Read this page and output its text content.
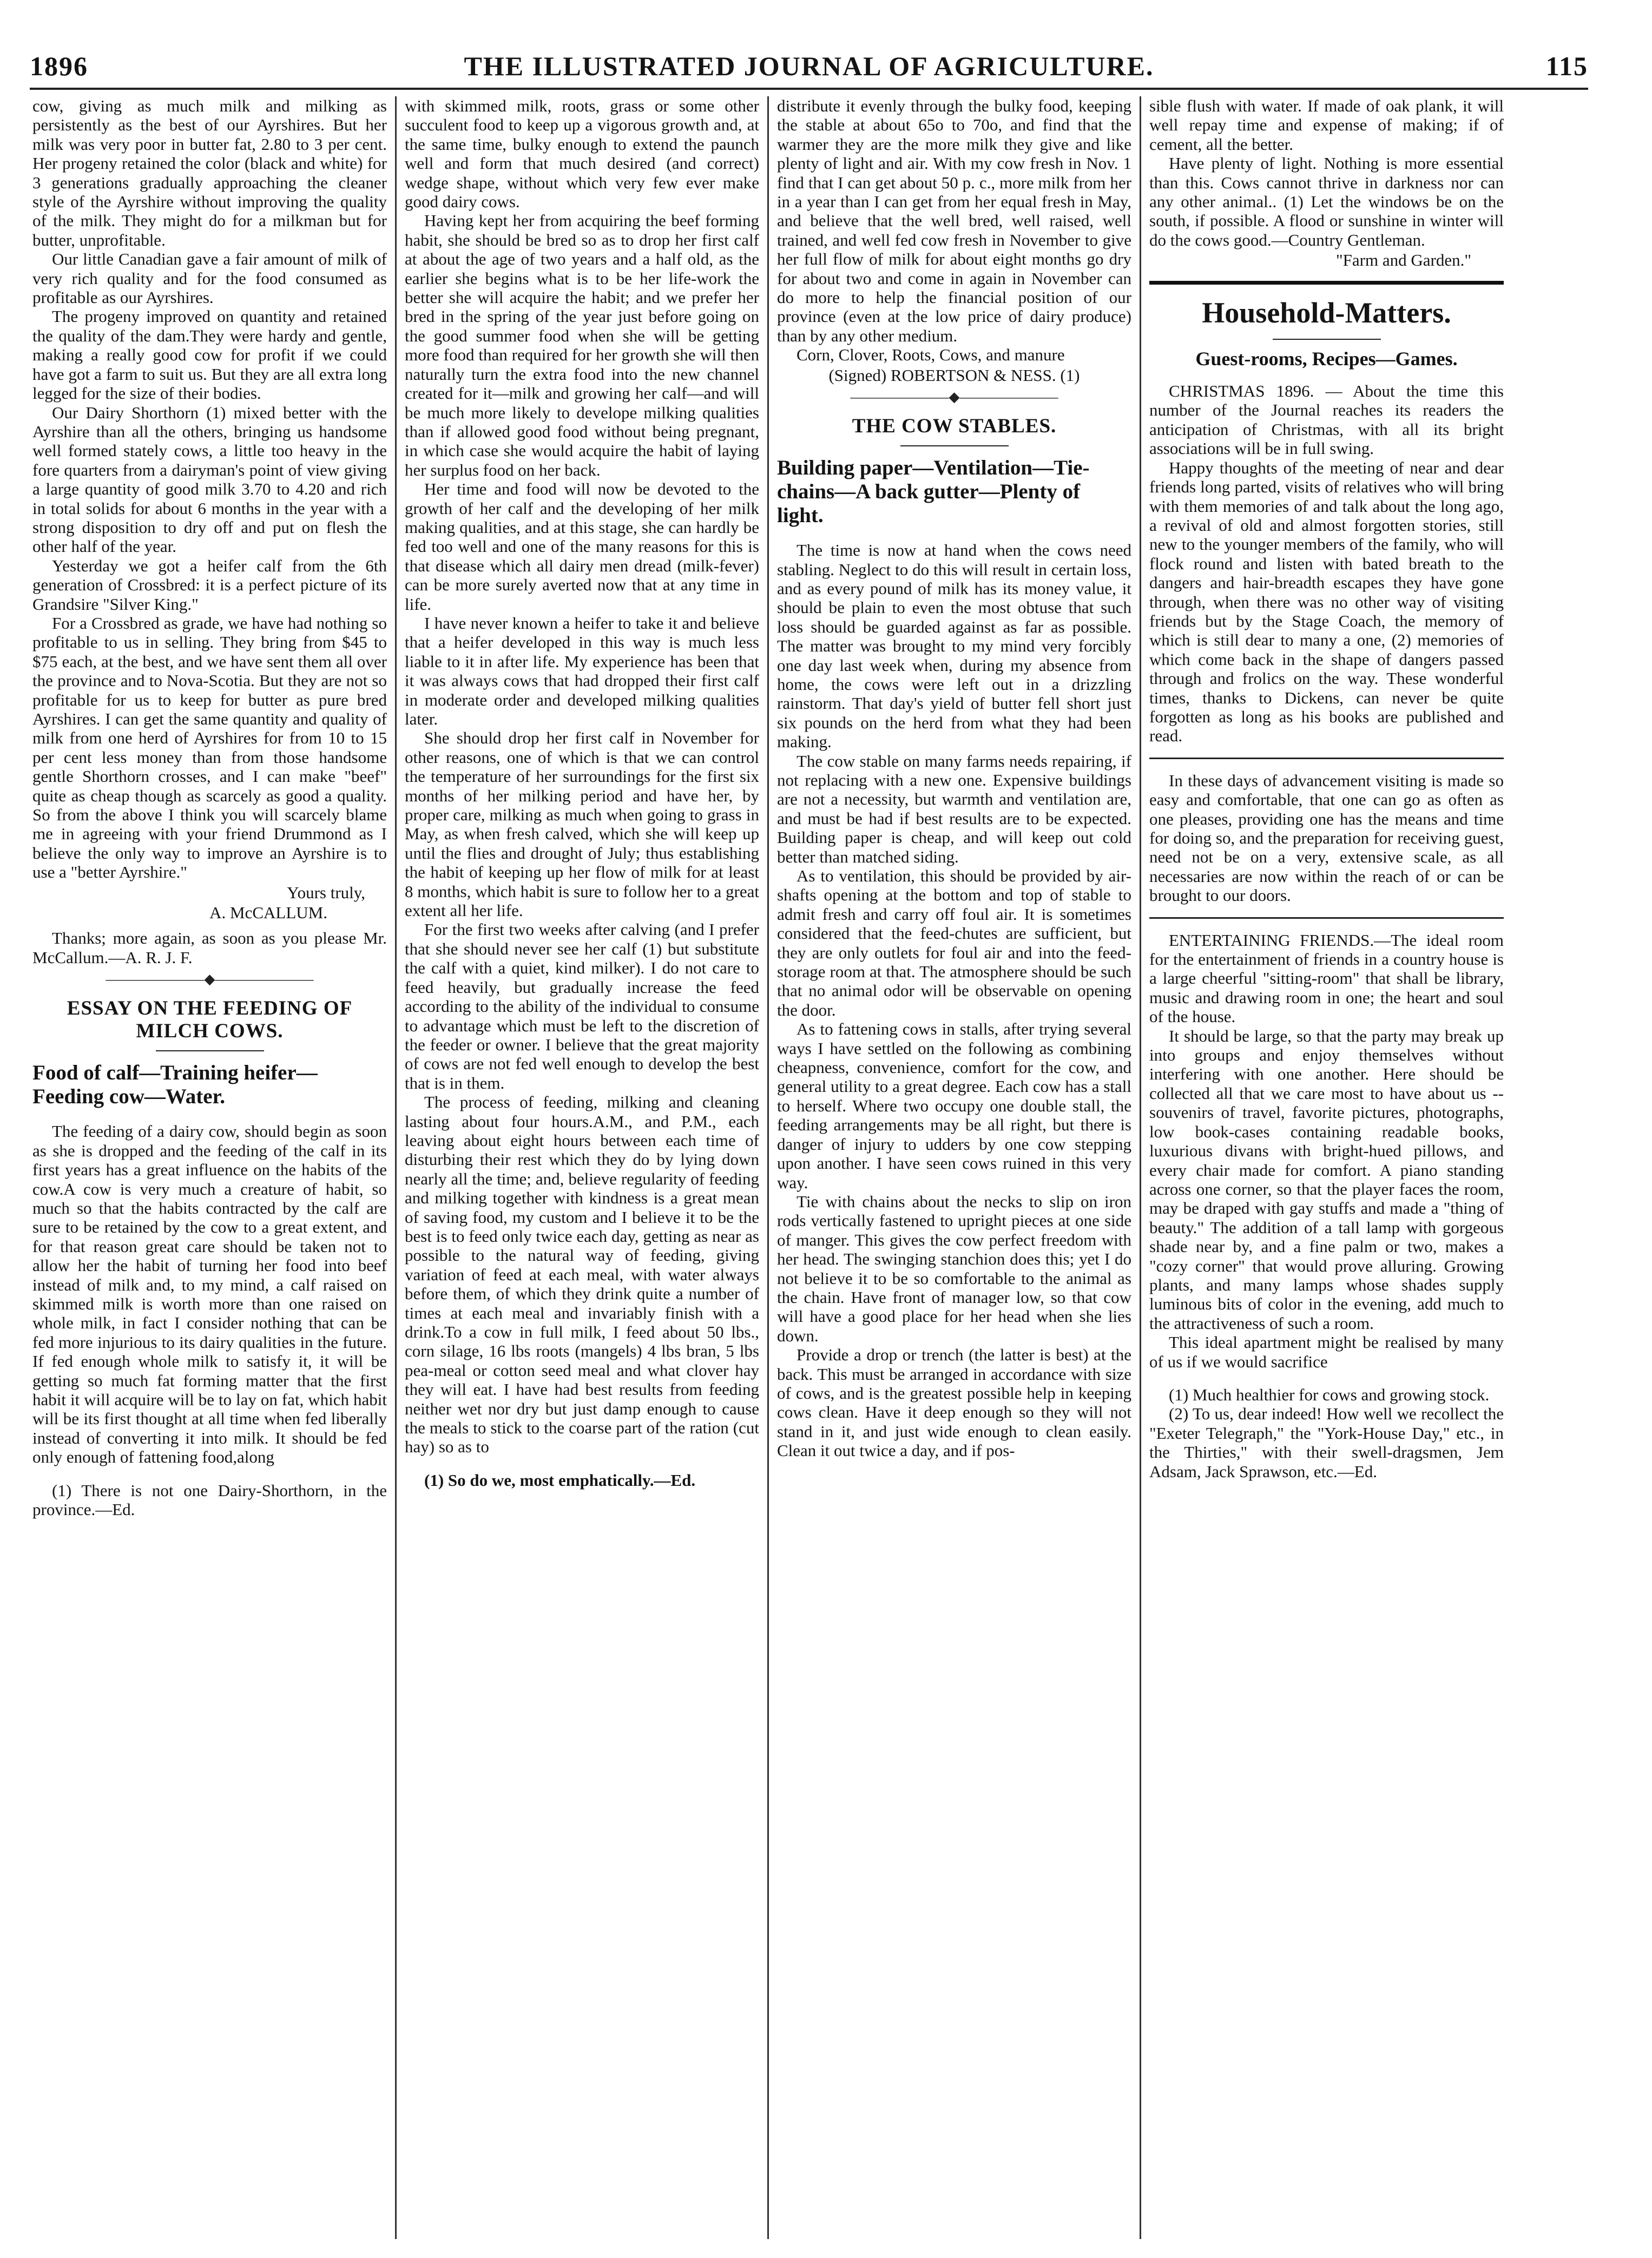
1896	THE ILLUSTRATED JOURNAL OF AGRICULTURE.	115

cow, giving as much milk and milking as persistently as the best of our Ayrshires. But her milk was very poor in butter fat, 2.80 to 3 per cent. Her progeny retained the color (black and white) for 3 generations gradually approaching the cleaner style of the Ayrshire without improving the quality of the milk. They might do for a milkman but for butter, unprofitable.

Our little Canadian gave a fair amount of milk of very rich quality and for the food consumed as profitable as our Ayrshires.

The progeny improved on quantity and retained the quality of the dam.They were hardy and gentle, making a really good cow for profit if we could have got a farm to suit us. But they are all extra long legged for the size of their bodies.

Our Dairy Shorthorn (1) mixed better with the Ayrshire than all the others, bringing us handsome well formed stately cows, a little too heavy in the fore quarters from a dairyman's point of view giving a large quantity of good milk 3.70 to 4.20 and rich in total solids for about 6 months in the year with a strong disposition to dry off and put on flesh the other half of the year.

Yesterday we got a heifer calf from the 6th generation of Crossbred: it is a perfect picture of its Grandsire "Silver King."

For a Crossbred as grade, we have had nothing so profitable to us in selling. They bring from $45 to $75 each, at the best, and we have sent them all over the province and to Nova-Scotia. But they are not so profitable for us to keep for butter as pure bred Ayrshires. I can get the same quantity and quality of milk from one herd of Ayrshires for from 10 to 15 per cent less money than from those handsome gentle Shorthorn crosses, and I can make "beef" quite as cheap though as scarcely as good a quality. So from the above I think you will scarcely blame me in agreeing with your friend Drummond as I believe the only way to improve an Ayrshire is to use a "better Ayrshire."

Yours truly,

A. McCALLUM.

Thanks; more again, as soon as you please Mr. McCallum.—A. R. J. F.

———————◆———————
ESSAY ON THE FEEDING OF MILCH COWS.
Food of calf—Training heifer—Feeding cow—Water.

The feeding of a dairy cow, should begin as soon as she is dropped and the feeding of the calf in its first years has a great influence on the habits of the cow.A cow is very much a creature of habit, so much so that the habits contracted by the calf are sure to be retained by the cow to a great extent, and for that reason great care should be taken not to allow her the habit of turning her food into beef instead of milk and, to my mind, a calf raised on skimmed milk is worth more than one raised on whole milk, in fact I consider nothing that can be fed more injurious to its dairy qualities in the future. If fed enough whole milk to satisfy it, it will be getting so much fat forming matter that the first habit it will acquire will be to lay on fat, which habit will be its first thought at all time when fed liberally instead of converting it into milk. It should be fed only enough of fattening food,along

(1) There is not one Dairy-Shorthorn, in the province.—Ed.

with skimmed milk, roots, grass or some other succulent food to keep up a vigorous growth and, at the same time, bulky enough to extend the paunch well and form that much desired (and correct) wedge shape, without which very few ever make good dairy cows.

Having kept her from acquiring the beef forming habit, she should be bred so as to drop her first calf at about the age of two years and a half old, as the earlier she begins what is to be her life-work the better she will acquire the habit; and we prefer her bred in the spring of the year just before going on the good summer food when she will be getting more food than required for her growth she will then naturally turn the extra food into the new channel created for it—milk and growing her calf—and will be much more likely to develope milking qualities than if allowed good food without being pregnant, in which case she would acquire the habit of laying her surplus food on her back.

Her time and food will now be devoted to the growth of her calf and the developing of her milk making qualities, and at this stage, she can hardly be fed too well and one of the many reasons for this is that disease which all dairy men dread (milk-fever) can be more surely averted now that at any time in life.

I have never known a heifer to take it and believe that a heifer developed in this way is much less liable to it in after life. My experience has been that it was always cows that had dropped their first calf in moderate order and developed milking qualities later.

She should drop her first calf in November for other reasons, one of which is that we can control the temperature of her surroundings for the first six months of her milking period and have her, by proper care, milking as much when going to grass in May, as when fresh calved, which she will keep up until the flies and drought of July; thus establishing the habit of keeping up her flow of milk for at least 8 months, which habit is sure to follow her to a great extent all her life.

For the first two weeks after calving (and I prefer that she should never see her calf (1) but substitute the calf with a quiet, kind milker). I do not care to feed heavily, but gradually increase the feed according to the ability of the individual to consume to advantage which must be left to the discretion of the feeder or owner. I believe that the great majority of cows are not fed well enough to develop the best that is in them.

The process of feeding, milking and cleaning lasting about four hours.A.M., and P.M., each leaving about eight hours between each time of disturbing their rest which they do by lying down nearly all the time; and, believe regularity of feeding and milking together with kindness is a great mean of saving food, my custom and I believe it to be the best is to feed only twice each day, getting as near as possible to the natural way of feeding, giving variation of feed at each meal, with water always before them, of which they drink quite a number of times at each meal and invariably finish with a drink.To a cow in full milk, I feed about 50 lbs., corn silage, 16 lbs roots (mangels) 4 lbs bran, 5 lbs pea-meal or cotton seed meal and what clover hay they will eat. I have had best results from feeding neither wet nor dry but just damp enough to cause the meals to stick to the coarse part of the ration (cut hay) so as to

(1) So do we, most emphatically.—Ed.

distribute it evenly through the bulky food, keeping the stable at about 65o to 70o, and find that the warmer they are the more milk they give and like plenty of light and air. With my cow fresh in Nov. 1 find that I can get about 50 p. c., more milk from her in a year than I can get from her equal fresh in May, and believe that the well bred, well raised, well trained, and well fed cow fresh in November to give her full flow of milk for about eight months go dry for about two and come in again in November can do more to help the financial position of our province (even at the low price of dairy produce) than by any other medium.

Corn, Clover, Roots, Cows, and manure

(Signed) ROBERTSON & NESS. (1)

———————◆———————
THE COW STABLES.
Building paper—Ventilation—Tie-chains—A back gutter—Plenty of light.

The time is now at hand when the cows need stabling. Neglect to do this will result in certain loss, and as every pound of milk has its money value, it should be plain to even the most obtuse that such loss should be guarded against as far as possible. The matter was brought to my mind very forcibly one day last week when, during my absence from home, the cows were left out in a drizzling rainstorm. That day's yield of butter fell short just six pounds on the herd from what they had been making.

The cow stable on many farms needs repairing, if not replacing with a new one. Expensive buildings are not a necessity, but warmth and ventilation are, and must be had if best results are to be expected. Building paper is cheap, and will keep out cold better than matched siding.

As to ventilation, this should be provided by air-shafts opening at the bottom and top of stable to admit fresh and carry off foul air. It is sometimes considered that the feed-chutes are sufficient, but they are only outlets for foul air and into the feed-storage room at that. The atmosphere should be such that no animal odor will be observable on opening the door.

As to fattening cows in stalls, after trying several ways I have settled on the following as combining cheapness, convenience, comfort for the cow, and general utility to a great degree. Each cow has a stall to herself. Where two occupy one double stall, the feeding arrangements may be all right, but there is danger of injury to udders by one cow stepping upon another. I have seen cows ruined in this very way.

Tie with chains about the necks to slip on iron rods vertically fastened to upright pieces at one side of manger. This gives the cow perfect freedom with her head. The swinging stanchion does this; yet I do not believe it to be so comfortable to the animal as the chain. Have front of manager low, so that cow will have a good place for her head when she lies down.

Provide a drop or trench (the latter is best) at the back. This must be arranged in accordance with size of cows, and is the greatest possible help in keeping cows clean. Have it deep enough so they will not stand in it, and just wide enough to clean easily. Clean it out twice a day, and if pos-

sible flush with water. If made of oak plank, it will well repay time and expense of making; if of cement, all the better.

Have plenty of light. Nothing is more essential than this. Cows cannot thrive in darkness nor can any other animal.. (1) Let the windows be on the south, if possible. A flood or sunshine in winter will do the cows good.—Country Gentleman.

"Farm and Garden."

Household-Matters.
Guest-rooms, Recipes—Games.

CHRISTMAS 1896. — About the time this number of the Journal reaches its readers the anticipation of Christmas, with all its bright associations will be in full swing.

Happy thoughts of the meeting of near and dear friends long parted, visits of relatives who will bring with them memories of and talk about the long ago, a revival of old and almost forgotten stories, still new to the younger members of the family, who will flock round and listen with bated breath to the dangers and hair-breadth escapes they have gone through, when there was no other way of visiting friends but by the Stage Coach, the memory of which is still dear to many a one, (2) memories of which come back in the shape of dangers passed through and frolics on the way. These wonderful times, thanks to Dickens, can never be quite forgotten as long as his books are published and read.

In these days of advancement visiting is made so easy and comfortable, that one can go as often as one pleases, providing one has the means and time for doing so, and the preparation for receiving guest, need not be on a very, extensive scale, as all necessaries are now within the reach of or can be brought to our doors.

ENTERTAINING FRIENDS.—The ideal room for the entertainment of friends in a country house is a large cheerful "sitting-room" that shall be library, music and drawing room in one; the heart and soul of the house.

It should be large, so that the party may break up into groups and enjoy themselves without interfering with one another. Here should be collected all that we care most to have about us --souvenirs of travel, favorite pictures, photographs, low book-cases containing readable books, luxurious divans with bright-hued pillows, and every chair made for comfort. A piano standing across one corner, so that the player faces the room, may be draped with gay stuffs and made a "thing of beauty." The addition of a tall lamp with gorgeous shade near by, and a fine palm or two, makes a "cozy corner" that would prove alluring. Growing plants, and many lamps whose shades supply luminous bits of color in the evening, add much to the attractiveness of such a room.

This ideal apartment might be realised by many of us if we would sacrifice

(1) Much healthier for cows and growing stock.

(2) To us, dear indeed! How well we recollect the "Exeter Telegraph," the "York-House Day," etc., in the Thirties," with their swell-dragsmen, Jem Adsam, Jack Sprawson, etc.—Ed.
